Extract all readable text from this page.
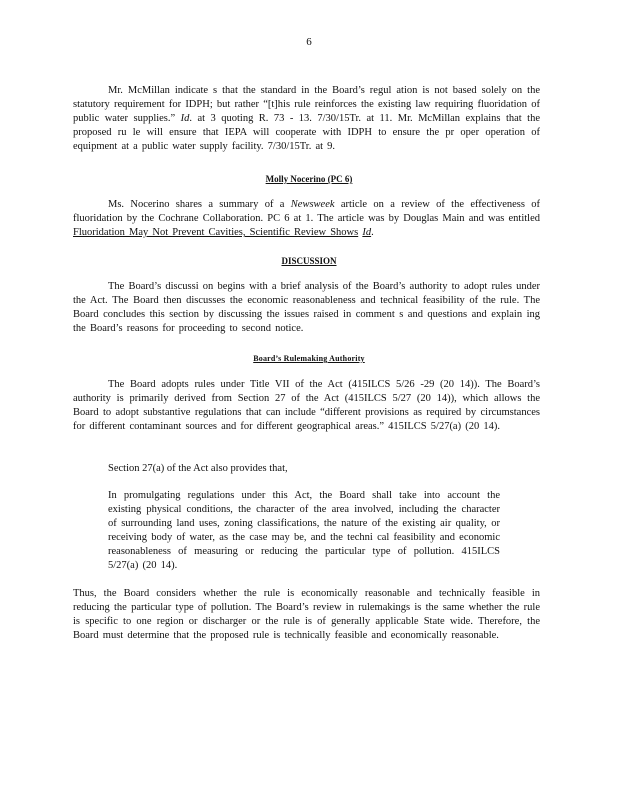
6

Mr. McMillan indicate s that the standard in the Board’s regul ation is not based solely on the statutory requirement for IDPH; but rather “[t]his rule reinforces the existing law requiring fluoridation of public water supplies.” Id. at 3 quoting R. 73 - 13. 7/30/15Tr. at 11. Mr. McMillan explains that the proposed ru le will ensure that IEPA will cooperate with IDPH to ensure the pr oper operation of equipment at a public water supply facility. 7/30/15Tr. at 9.

Molly Nocerino (PC 6)

Ms. Nocerino shares a summary of a Newsweek article on a review of the effectiveness of fluoridation by the Cochrane Collaboration. PC 6 at 1. The article was by Douglas Main and was entitled Fluoridation May Not Prevent Cavities, Scientific Review Shows Id.

DISCUSSION

The Board’s discussi on begins with a brief analysis of the Board’s authority to adopt rules under the Act. The Board then discusses the economic reasonableness and technical feasibility of the rule. The Board concludes this section by discussing the issues raised in comment s and questions and explain ing the Board’s reasons for proceeding to second notice.

Board’s Rulemaking Authority

The Board adopts rules under Title VII of the Act (415ILCS 5/26 -29 (20 14)). The Board’s authority is primarily derived from Section 27 of the Act (415ILCS 5/27 (20 14)), which allows the Board to adopt substantive regulations that can include “different provisions as required by circumstances for different contaminant sources and for different geographical areas.” 415ILCS 5/27(a) (20 14).

Section 27(a) of the Act also provides that,

In promulgating regulations under this Act, the Board shall take into account the existing physical conditions, the character of the area involved, including the character of surrounding land uses, zoning classifications, the nature of the existing air quality, or receiving body of water, as the case may be, and the techni cal feasibility and economic reasonableness of measuring or reducing the particular type of pollution. 415ILCS 5/27(a) (20 14).

Thus, the Board considers whether the rule is economically reasonable and technically feasible in reducing the particular type of pollution. The Board’s review in rulemakings is the same whether the rule is specific to one region or discharger or the rule is of generally applicable State wide. Therefore, the Board must determine that the proposed rule is technically feasible and economically reasonable.
